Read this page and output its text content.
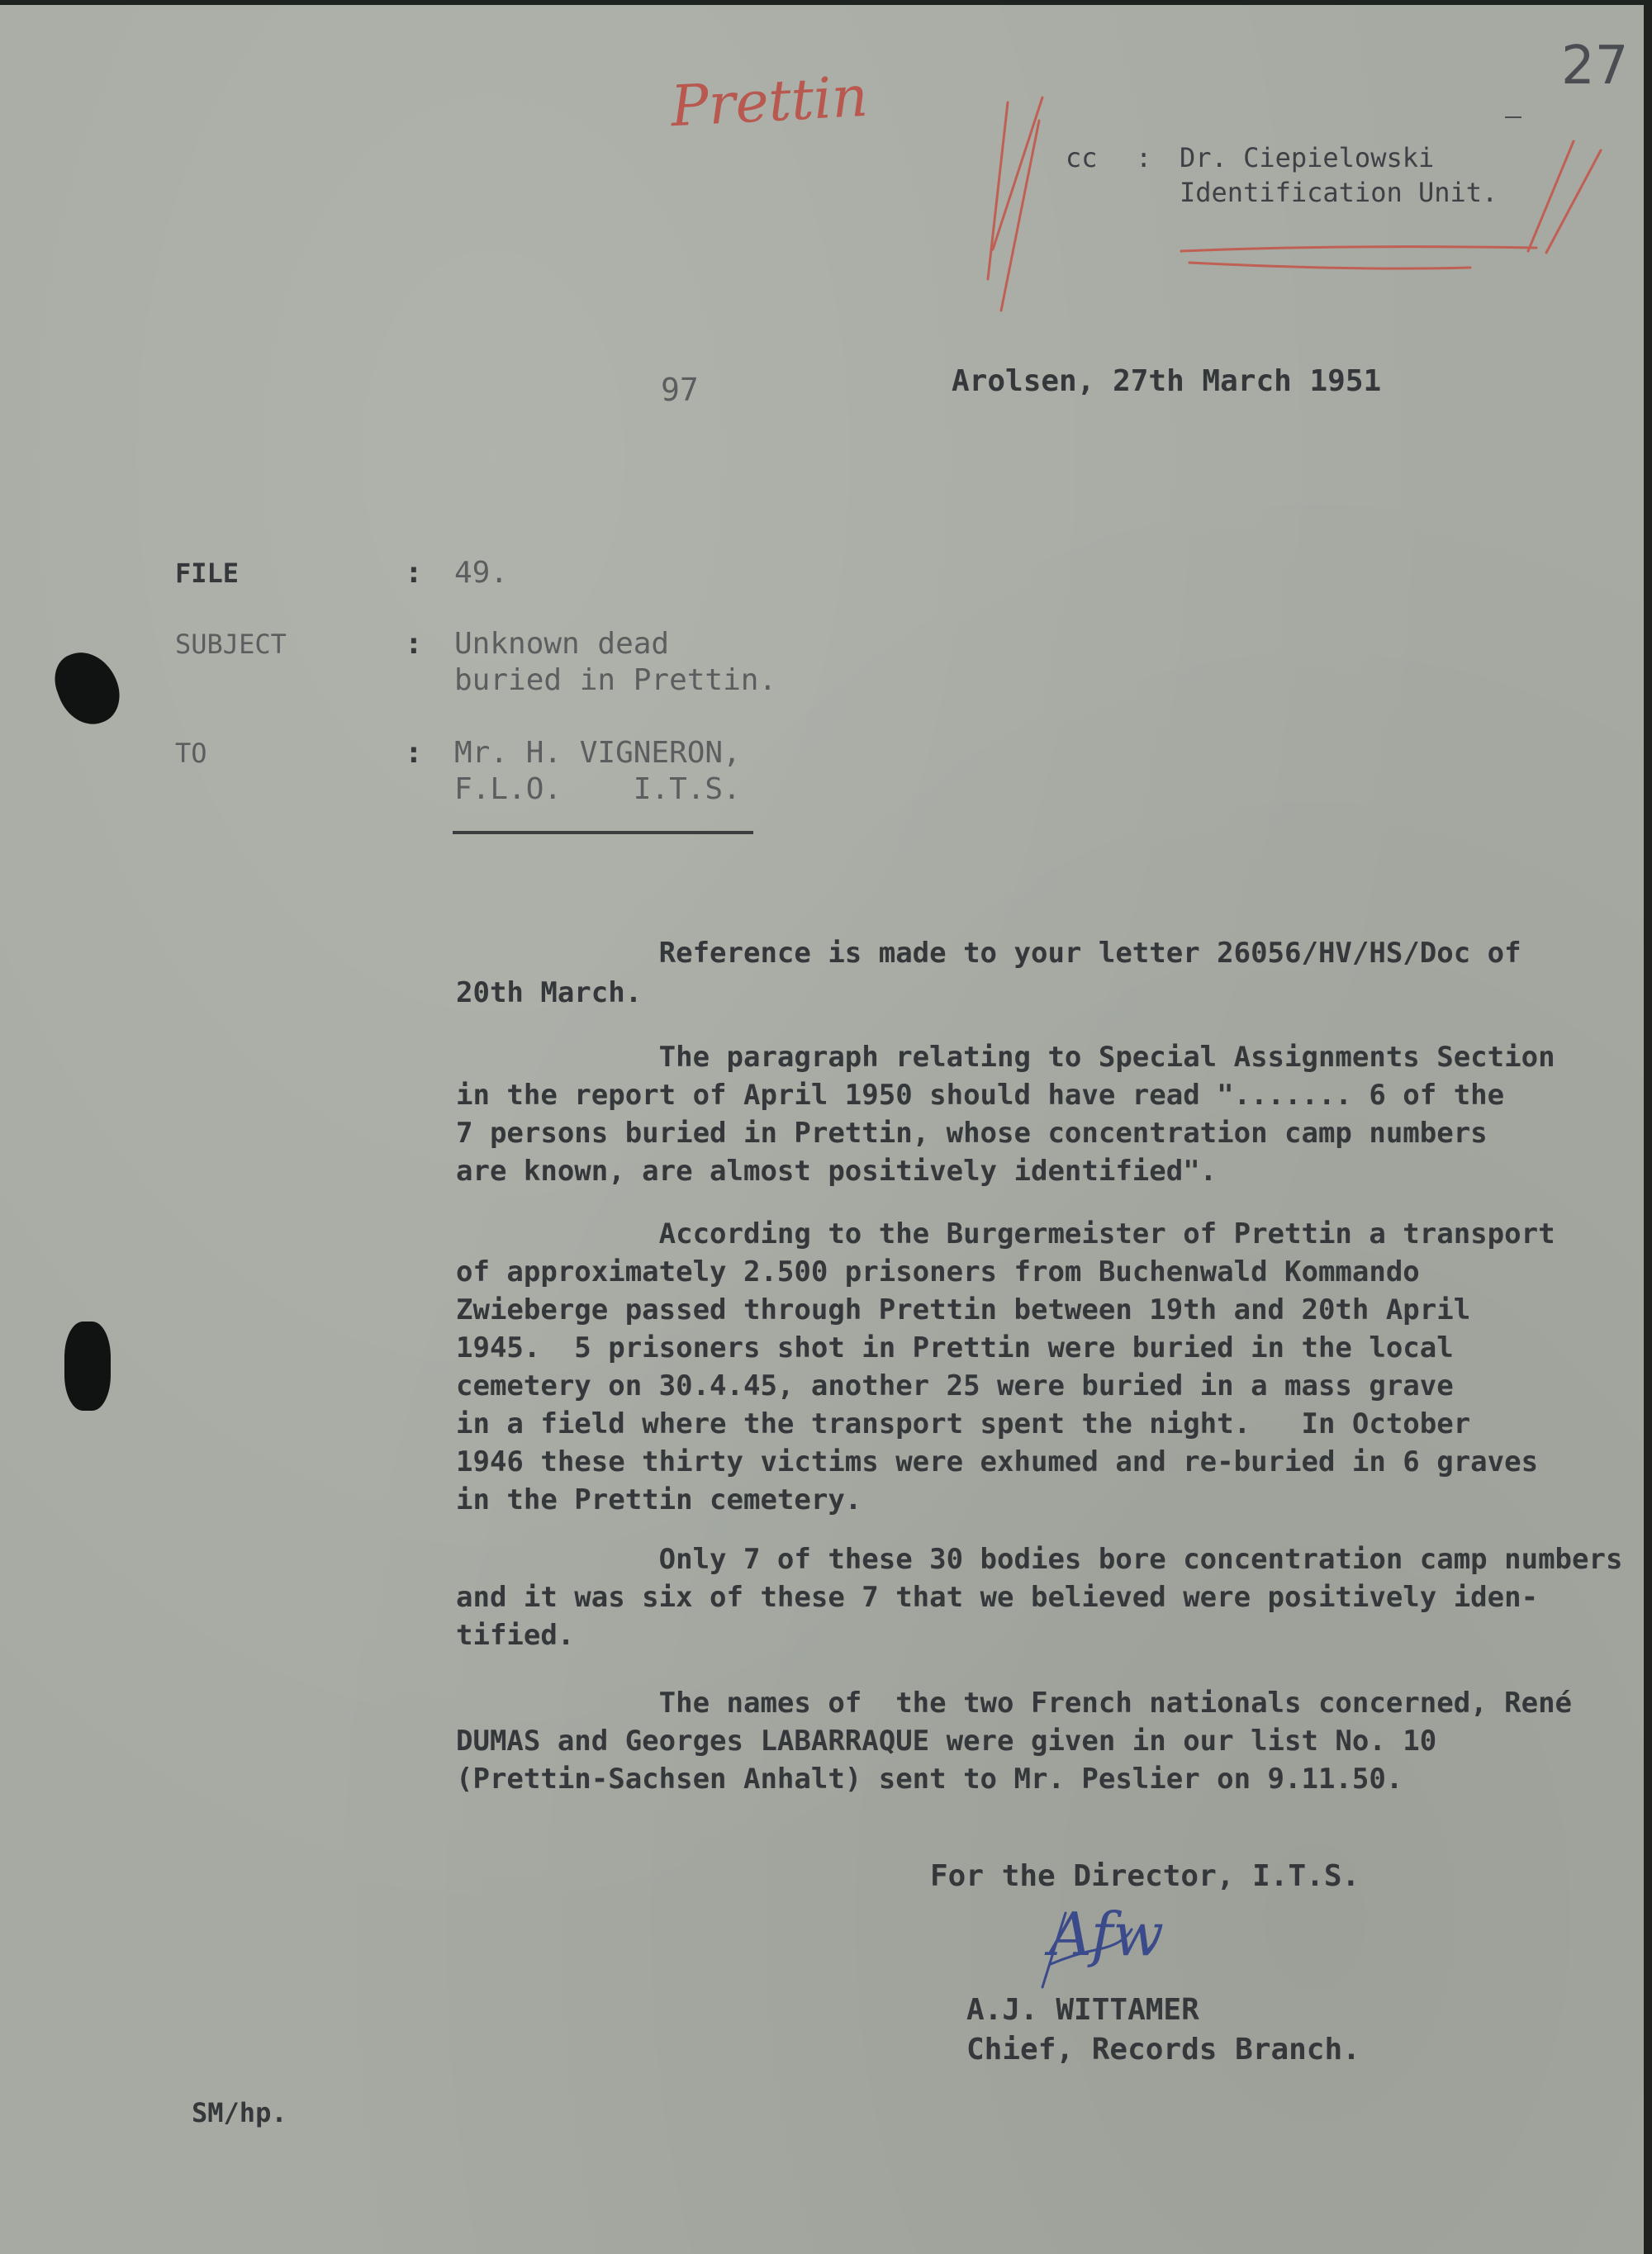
27
Prettin
cc : Dr. Ciepielowski
Identification Unit.
97	Arolsen, 27th March 1951
FILE	: 49.
SUBJECT	: Unknown dead
buried in Prettin.
TO	: Mr. H. VIGNERON,
F.L.O.    I.T.S.
Reference is made to your letter 26056/HV/HS/Doc of
20th March.
The paragraph relating to Special Assignments Section
in the report of April 1950 should have read "....... 6 of the
7 persons buried in Prettin, whose concentration camp numbers
are known, are almost positively identified".
According to the Burgermeister of Prettin a transport
of approximately 2.500 prisoners from Buchenwald Kommando
Zwieberge passed through Prettin between 19th and 20th April
1945.  5 prisoners shot in Prettin were buried in the local
cemetery on 30.4.45, another 25 were buried in a mass grave
in a field where the transport spent the night.   In October
1946 these thirty victims were exhumed and re-buried in 6 graves
in the Prettin cemetery.
Only 7 of these 30 bodies bore concentration camp numbers
and it was six of these 7 that we believed were positively iden-
tified.
The names of  the two French nationals concerned, René
DUMAS and Georges LABARRAQUE were given in our list No. 10
(Prettin-Sachsen Anhalt) sent to Mr. Peslier on 9.11.50.
For the Director, I.T.S.
Afw
A.J. WITTAMER
Chief, Records Branch.
SM/hp.
